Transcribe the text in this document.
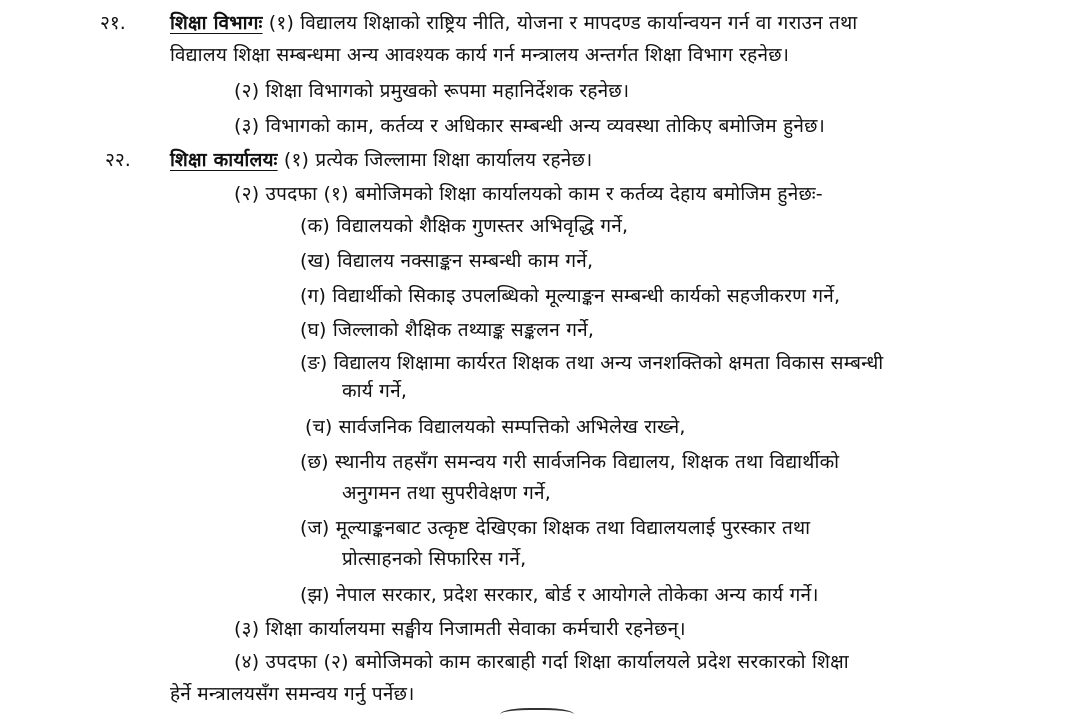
२१. शिक्षा विभागः (१) विद्यालय शिक्षाको राष्ट्रिय नीति, योजना र मापदण्ड कार्यान्वयन गर्न वा गराउन तथा
विद्यालय शिक्षा सम्बन्धमा अन्य आवश्यक कार्य गर्न मन्त्रालय अन्तर्गत शिक्षा विभाग रहनेछ।
(२) शिक्षा विभागको प्रमुखको रूपमा महानिर्देशक रहनेछ।
(३) विभागको काम, कर्तव्य र अधिकार सम्बन्धी अन्य व्यवस्था तोकिए बमोजिम हुनेछ।
२२. शिक्षा कार्यालयः (१) प्रत्येक जिल्लामा शिक्षा कार्यालय रहनेछ।
(२) उपदफा (१) बमोजिमको शिक्षा कार्यालयको काम र कर्तव्य देहाय बमोजिम हुनेछः-
(क) विद्यालयको शैक्षिक गुणस्तर अभिवृद्धि गर्ने,
(ख) विद्यालय नक्साङ्कन सम्बन्धी काम गर्ने,
(ग) विद्यार्थीको सिकाइ उपलब्धिको मूल्याङ्कन सम्बन्धी कार्यको सहजीकरण गर्ने,
(घ) जिल्लाको शैक्षिक तथ्याङ्क सङ्कलन गर्ने,
(ङ) विद्यालय शिक्षामा कार्यरत शिक्षक तथा अन्य जनशक्तिको क्षमता विकास सम्बन्धी
कार्य गर्ने,
(च) सार्वजनिक विद्यालयको सम्पत्तिको अभिलेख राख्ने,
(छ) स्थानीय तहसँग समन्वय गरी सार्वजनिक विद्यालय, शिक्षक तथा विद्यार्थीको
अनुगमन तथा सुपरीवेक्षण गर्ने,
(ज) मूल्याङ्कनबाट उत्कृष्ट देखिएका शिक्षक तथा विद्यालयलाई पुरस्कार तथा
प्रोत्साहनको सिफारिस गर्ने,
(झ) नेपाल सरकार, प्रदेश सरकार, बोर्ड र आयोगले तोकेका अन्य कार्य गर्ने।
(३) शिक्षा कार्यालयमा सङ्घीय निजामती सेवाका कर्मचारी रहनेछन्।
(४) उपदफा (२) बमोजिमको काम कारबाही गर्दा शिक्षा कार्यालयले प्रदेश सरकारको शिक्षा
हेर्ने मन्त्रालयसँग समन्वय गर्नु पर्नेछ।
